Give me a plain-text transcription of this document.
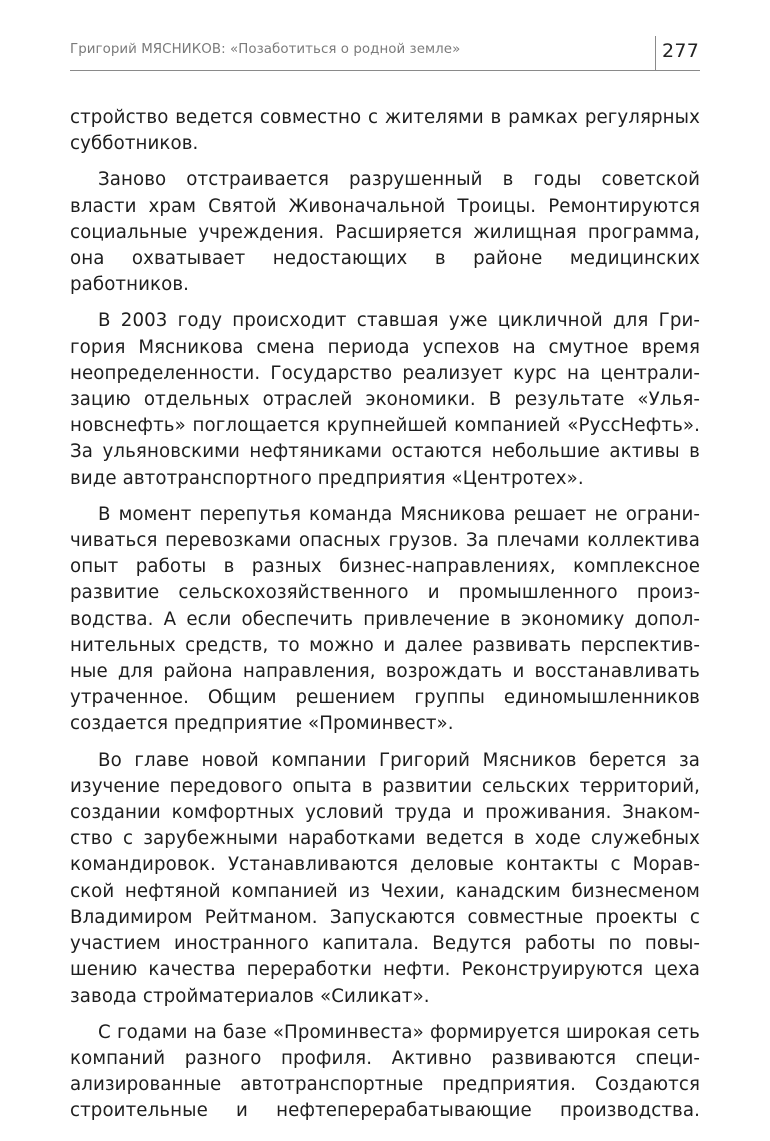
Григорий МЯСНИКОВ: «Позаботиться о родной земле»	277

стройство ведется совместно с жителями в рамках регулярных субботников.

Заново отстраивается разрушенный в годы советской власти храм Святой Живоначальной Троицы. Ремонтируются социальные учреждения. Расширяется жилищная программа, она охватывает недостающих в районе медицинских работников.

В 2003 году происходит ставшая уже цикличной для Григория Мясникова смена периода успехов на смутное время неопределенности. Государство реализует курс на централизацию отдельных отраслей экономики. В результате «Ульяновснефть» поглощается крупнейшей компанией «РуссНефть». За ульяновскими нефтяниками остаются небольшие активы в виде автотранспортного предприятия «Центротех».

В момент перепутья команда Мясникова решает не ограничиваться перевозками опасных грузов. За плечами коллектива опыт работы в разных бизнес-направлениях, комплексное развитие сельскохозяйственного и промышленного производства. А если обеспечить привлечение в экономику дополнительных средств, то можно и далее развивать перспективные для района направления, возрождать и восстанавливать утраченное. Общим решением группы единомышленников создается предприятие «Проминвест».

Во главе новой компании Григорий Мясников берется за изучение передового опыта в развитии сельских территорий, создании комфортных условий труда и проживания. Знакомство с зарубежными наработками ведется в ходе служебных командировок. Устанавливаются деловые контакты с Моравской нефтяной компанией из Чехии, канадским бизнесменом Владимиром Рейтманом. Запускаются совместные проекты с участием иностранного капитала. Ведутся работы по повышению качества переработки нефти. Реконструируются цеха завода стройматериалов «Силикат».

С годами на базе «Проминвеста» формируется широкая сеть компаний разного профиля. Активно развиваются специализированные автотранспортные предприятия. Создаются строительные и нефтеперерабатывающие производства.
